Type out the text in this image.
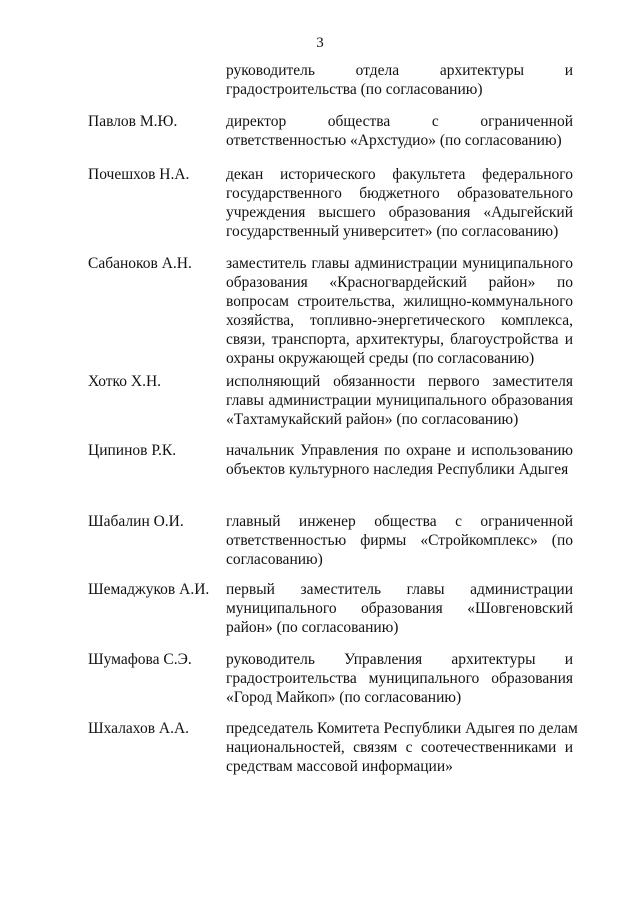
3
руководитель отдела архитектуры и
градостроительства (по согласованию)
Павлов М.Ю.	директор общества с ограниченной
ответственностью «Архстудио» (по согласованию)
Почешхов Н.А.	декан исторического факультета федерального
государственного бюджетного образовательного
учреждения высшего образования «Адыгейский
государственный университет» (по согласованию)
Сабаноков А.Н.	заместитель главы администрации муниципального
образования «Красногвардейский район» по
вопросам строительства, жилищно-коммунального
хозяйства, топливно-энергетического комплекса,
связи, транспорта, архитектуры, благоустройства и
охраны окружающей среды (по согласованию)
Хотко Х.Н.	исполняющий обязанности первого заместителя
главы администрации муниципального образования
«Тахтамукайский район» (по согласованию)
Ципинов Р.К.	начальник Управления по охране и использованию
объектов культурного наследия Республики Адыгея
Шабалин О.И.	главный инженер общества с ограниченной
ответственностью фирмы «Стройкомплекс» (по
согласованию)
Шемаджуков А.И.	первый заместитель главы администрации
муниципального образования «Шовгеновский
район» (по согласованию)
Шумафова С.Э.	руководитель Управления архитектуры и
градостроительства муниципального образования
«Город Майкоп» (по согласованию)
Шхалахов А.А.	председатель Комитета Республики Адыгея по делам
национальностей, связям с соотечественниками и
средствам массовой информации»
